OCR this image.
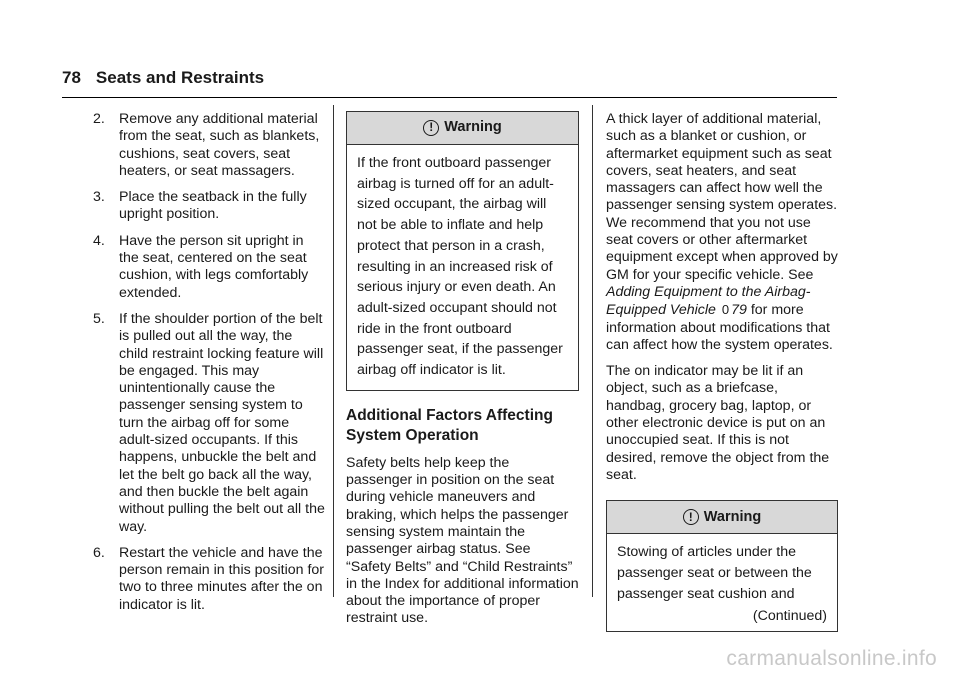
78 Seats and Restraints
2. Remove any additional material from the seat, such as blankets, cushions, seat covers, seat heaters, or seat massagers.
3. Place the seatback in the fully upright position.
4. Have the person sit upright in the seat, centered on the seat cushion, with legs comfortably extended.
5. If the shoulder portion of the belt is pulled out all the way, the child restraint locking feature will be engaged. This may unintentionally cause the passenger sensing system to turn the airbag off for some adult-sized occupants. If this happens, unbuckle the belt and let the belt go back all the way, and then buckle the belt again without pulling the belt out all the way.
6. Restart the vehicle and have the person remain in this position for two to three minutes after the on indicator is lit.
! Warning
If the front outboard passenger airbag is turned off for an adult-sized occupant, the airbag will not be able to inflate and help protect that person in a crash, resulting in an increased risk of serious injury or even death. An adult-sized occupant should not ride in the front outboard passenger seat, if the passenger airbag off indicator is lit.
Additional Factors Affecting System Operation

Safety belts help keep the passenger in position on the seat during vehicle maneuvers and braking, which helps the passenger sensing system maintain the passenger airbag status. See “Safety Belts” and “Child Restraints” in the Index for additional information about the importance of proper restraint use.

A thick layer of additional material, such as a blanket or cushion, or aftermarket equipment such as seat covers, seat heaters, and seat massagers can affect how well the passenger sensing system operates. We recommend that you not use seat covers or other aftermarket equipment except when approved by GM for your specific vehicle. See Adding Equipment to the Airbag-Equipped Vehicle 0 79 for more information about modifications that can affect how the system operates.

The on indicator may be lit if an object, such as a briefcase, handbag, grocery bag, laptop, or other electronic device is put on an unoccupied seat. If this is not desired, remove the object from the seat.

! Warning
Stowing of articles under the passenger seat or between the passenger seat cushion and
(Continued)
carmanualsonline.info
